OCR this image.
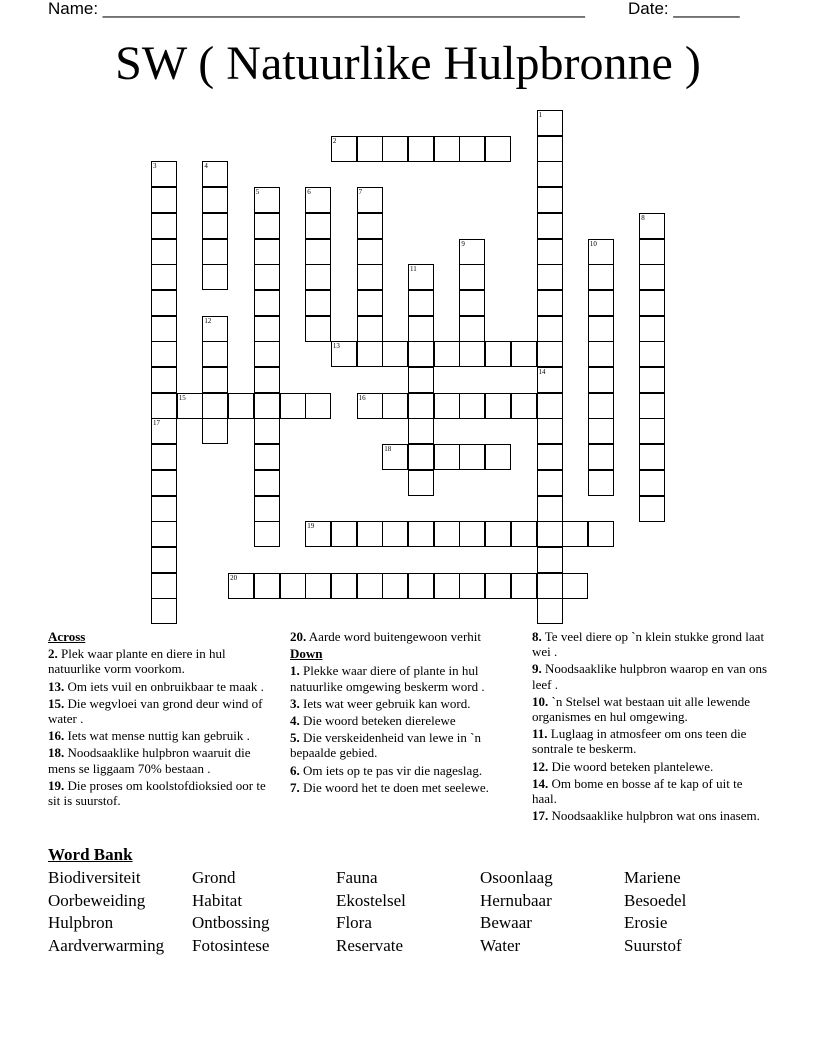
Name: ___________________________________________________	Date: _______
SW ( Natuurlike Hulpbronne )
2
13
15	16
18
19
20
1
14
3	4
5	6	7
8
9	10
11
12
17
Across
2. Plek waar plante en diere in hul natuurlike vorm voorkom.
13. Om iets vuil en onbruikbaar te maak .
15. Die wegvloei van grond deur wind of water .
16. Iets wat mense nuttig kan gebruik .
18. Noodsaaklike hulpbron waaruit die mens se liggaam 70% bestaan .
19. Die proses om koolstofdioksied oor te sit is suurstof.
20. Aarde word buitengewoon verhit
Down
1. Plekke waar diere of plante in hul natuurlike omgewing beskerm word .
3. Iets wat weer gebruik kan word.
4. Die woord beteken dierelewe
5. Die verskeidenheid van lewe in `n bepaalde gebied.
6. Om iets op te pas vir die nageslag.
7. Die woord het te doen met seelewe.
8. Te veel diere op `n klein stukke grond laat wei .
9. Noodsaaklike hulpbron waarop en van ons leef .
10. `n Stelsel wat bestaan uit alle lewende organismes en hul omgewing.
11. Luglaag in atmosfeer om ons teen die sontrale te beskerm.
12. Die woord beteken plantelewe.
14. Om bome en bosse af te kap of uit te haal.
17. Noodsaaklike hulpbron wat ons inasem.
Word Bank
Biodiversiteit	Grond	Fauna	Osoonlaag	Mariene
Oorbeweiding	Habitat	Ekostelsel	Hernubaar	Besoedel
Hulpbron	Ontbossing	Flora	Bewaar	Erosie
Aardverwarming	Fotosintese	Reservate	Water	Suurstof
